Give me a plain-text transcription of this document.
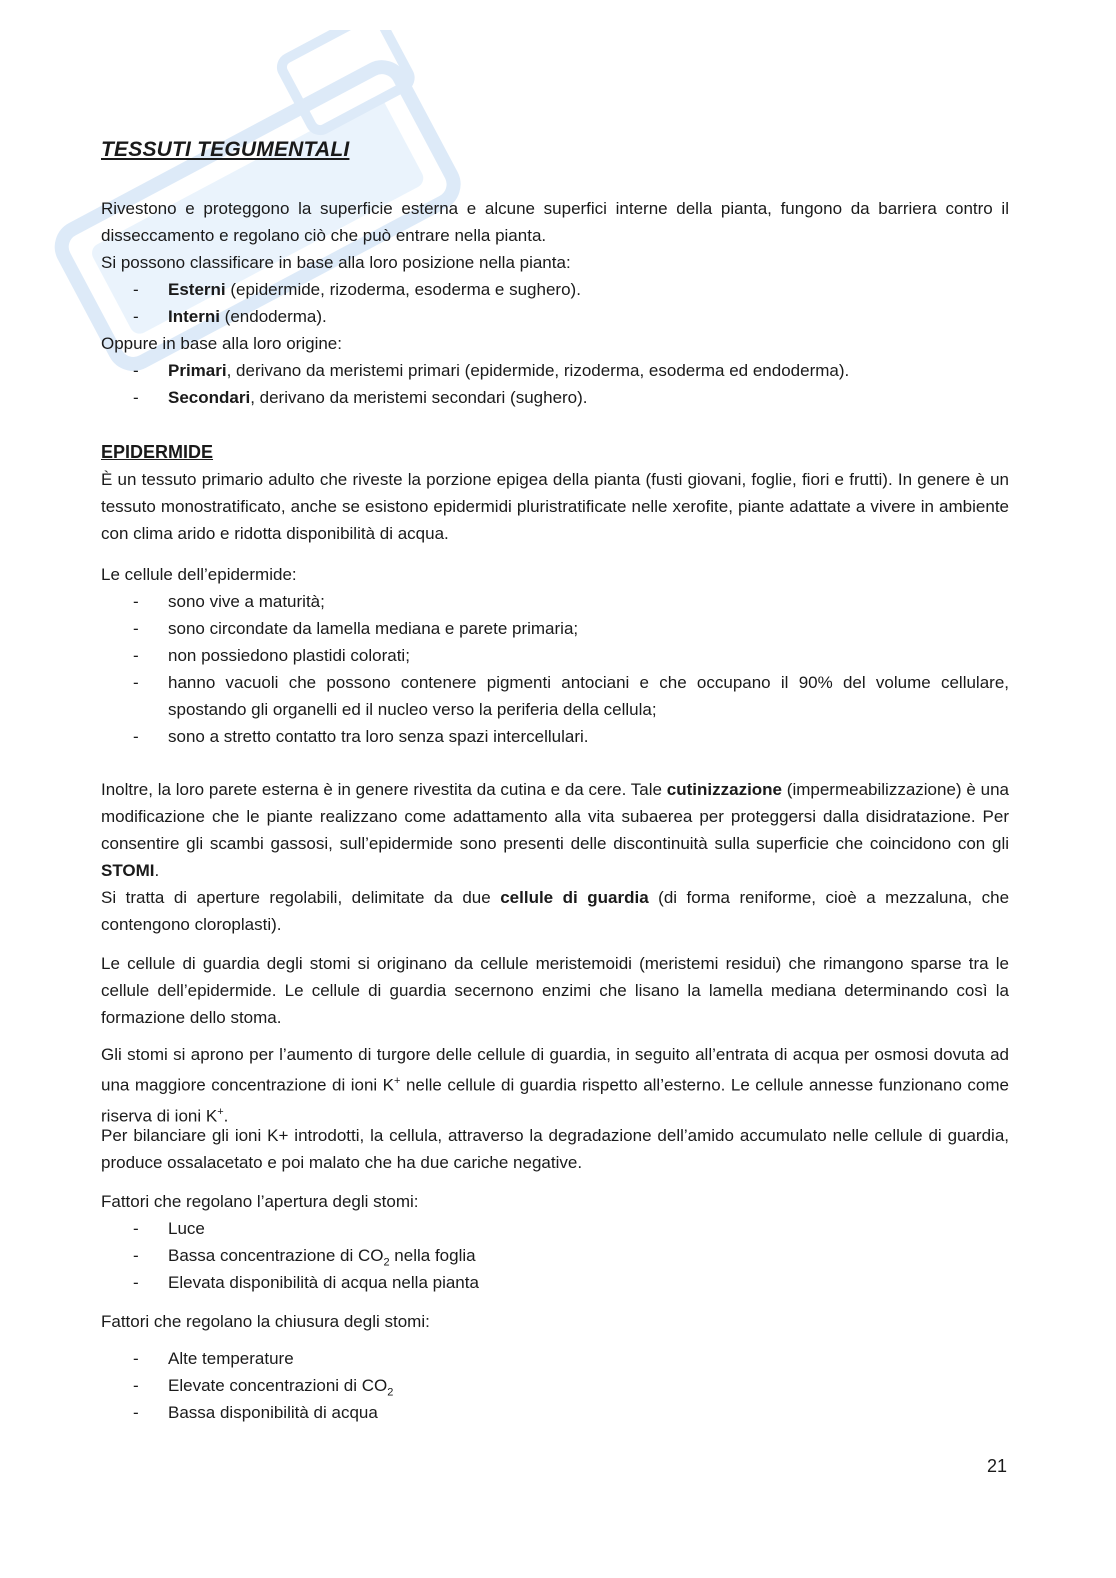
TESSUTI TEGUMENTALI
Rivestono e proteggono la superficie esterna e alcune superfici interne della pianta, fungono da barriera contro il disseccamento e regolano ciò che può entrare nella pianta.
Si possono classificare in base alla loro posizione nella pianta:
- Esterni (epidermide, rizoderma, esoderma e sughero).
- Interni (endoderma).
Oppure in base alla loro origine:
- Primari, derivano da meristemi primari (epidermide, rizoderma, esoderma ed endoderma).
- Secondari, derivano da meristemi secondari (sughero).
EPIDERMIDE
È un tessuto primario adulto che riveste la porzione epigea della pianta (fusti giovani, foglie, fiori e frutti). In genere è un tessuto monostratificato, anche se esistono epidermidi pluristratificate nelle xerofite, piante adattate a vivere in ambiente con clima arido e ridotta disponibilità di acqua.
Le cellule dell’epidermide:
- sono vive a maturità;
- sono circondate da lamella mediana e parete primaria;
- non possiedono plastidi colorati;
- hanno vacuoli che possono contenere pigmenti antociani e che occupano il 90% del volume cellulare, spostando gli organelli ed il nucleo verso la periferia della cellula;
- sono a stretto contatto tra loro senza spazi intercellulari.
Inoltre, la loro parete esterna è in genere rivestita da cutina e da cere. Tale cutinizzazione (impermeabilizzazione) è una modificazione che le piante realizzano come adattamento alla vita subaerea per proteggersi dalla disidratazione. Per consentire gli scambi gassosi, sull’epidermide sono presenti delle discontinuità sulla superficie che coincidono con gli STOMI.
Si tratta di aperture regolabili, delimitate da due cellule di guardia (di forma reniforme, cioè a mezzaluna, che contengono cloroplasti).
Le cellule di guardia degli stomi si originano da cellule meristemoidi (meristemi residui) che rimangono sparse tra le cellule dell’epidermide. Le cellule di guardia secernono enzimi che lisano la lamella mediana determinando così la formazione dello stoma.
Gli stomi si aprono per l’aumento di turgore delle cellule di guardia, in seguito all’entrata di acqua per osmosi dovuta ad una maggiore concentrazione di ioni K+ nelle cellule di guardia rispetto all’esterno. Le cellule annesse funzionano come riserva di ioni K+.
Per bilanciare gli ioni K+ introdotti, la cellula, attraverso la degradazione dell’amido accumulato nelle cellule di guardia, produce ossalacetato e poi malato che ha due cariche negative.
Fattori che regolano l’apertura degli stomi:
- Luce
- Bassa concentrazione di $CO_2$ nella foglia
- Elevata disponibilità di acqua nella pianta
Fattori che regolano la chiusura degli stomi:
- Alte temperature
- Elevate concentrazioni di $CO_2$
- Bassa disponibilità di acqua
21
